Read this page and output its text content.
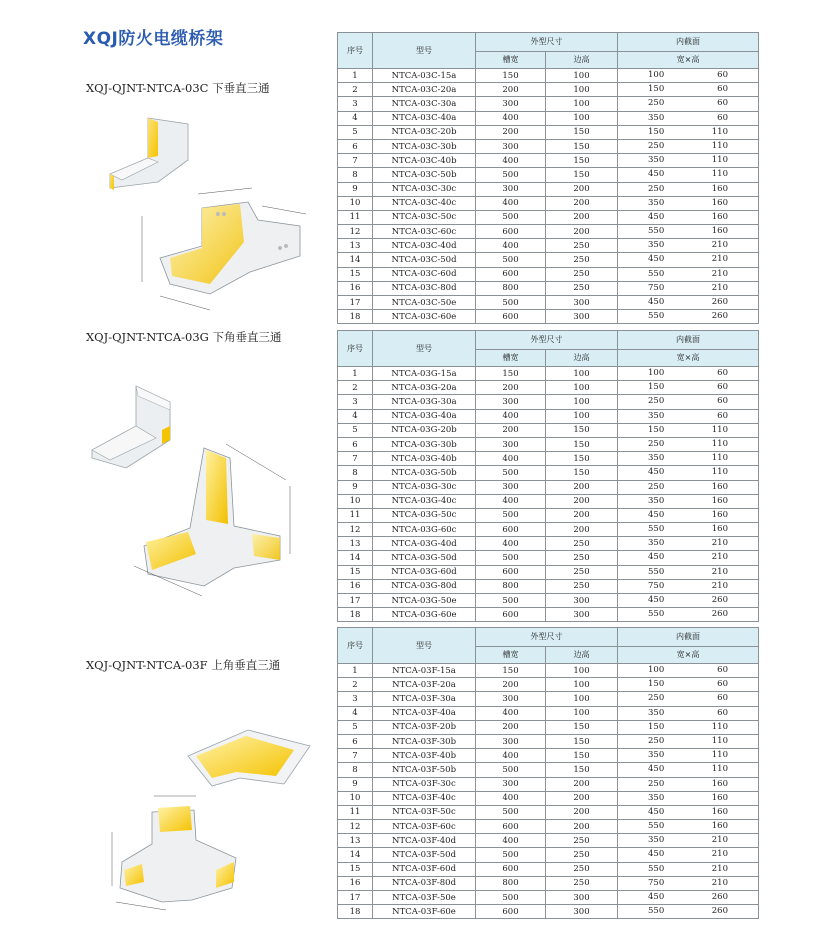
XQJ防火电缆桥架
XQJ-QJNT-NTCA-03C 下垂直三通
序号	型号	外型尺寸		内截面
		槽宽	边高	宽×高
1	NTCA-03C-15a	150	100	100 60

2	NTCA-03C-20a	200	100	150 60

3	NTCA-03C-30a	300	100	250 60

4	NTCA-03C-40a	400	100	350 60

5	NTCA-03C-20b	200	150	150 110

6	NTCA-03C-30b	300	150	250 110

7	NTCA-03C-40b	400	150	350 110

8	NTCA-03C-50b	500	150	450 110

9	NTCA-03C-30c	300	200	250 160

10	NTCA-03C-40c	400	200	350 160

11	NTCA-03C-50c	500	200	450 160

12	NTCA-03C-60c	600	200	550 160

13	NTCA-03C-40d	400	250	350 210

14	NTCA-03C-50d	500	250	450 210

15	NTCA-03C-60d	600	250	550 210

16	NTCA-03C-80d	800	250	750 210

17	NTCA-03C-50e	500	300	450 260

18	NTCA-03C-60e	600	300	550 260
XQJ-QJNT-NTCA-03G 下角垂直三通
序号	型号	外型尺寸		内截面
		槽宽	边高	宽×高
1	NTCA-03G-15a	150	100	100 60

2	NTCA-03G-20a	200	100	150 60

3	NTCA-03G-30a	300	100	250 60

4	NTCA-03G-40a	400	100	350 60

5	NTCA-03G-20b	200	150	150 110

6	NTCA-03G-30b	300	150	250 110

7	NTCA-03G-40b	400	150	350 110

8	NTCA-03G-50b	500	150	450 110

9	NTCA-03G-30c	300	200	250 160

10	NTCA-03G-40c	400	200	350 160

11	NTCA-03G-50c	500	200	450 160

12	NTCA-03G-60c	600	200	550 160

13	NTCA-03G-40d	400	250	350 210

14	NTCA-03G-50d	500	250	450 210

15	NTCA-03G-60d	600	250	550 210

16	NTCA-03G-80d	800	250	750 210

17	NTCA-03G-50e	500	300	450 260

18	NTCA-03G-60e	600	300	550 260
XQJ-QJNT-NTCA-03F 上角垂直三通
序号	型号	外型尺寸		内截面
		槽宽	边高	宽×高
1	NTCA-03F-15a	150	100	100 60

2	NTCA-03F-20a	200	100	150 60

3	NTCA-03F-30a	300	100	250 60

4	NTCA-03F-40a	400	100	350 60

5	NTCA-03F-20b	200	150	150 110

6	NTCA-03F-30b	300	150	250 110

7	NTCA-03F-40b	400	150	350 110

8	NTCA-03F-50b	500	150	450 110

9	NTCA-03F-30c	300	200	250 160

10	NTCA-03F-40c	400	200	350 160

11	NTCA-03F-50c	500	200	450 160

12	NTCA-03F-60c	600	200	550 160

13	NTCA-03F-40d	400	250	350 210

14	NTCA-03F-50d	500	250	450 210

15	NTCA-03F-60d	600	250	550 210

16	NTCA-03F-80d	800	250	750 210

17	NTCA-03F-50e	500	300	450 260

18	NTCA-03F-60e	600	300	550 260
